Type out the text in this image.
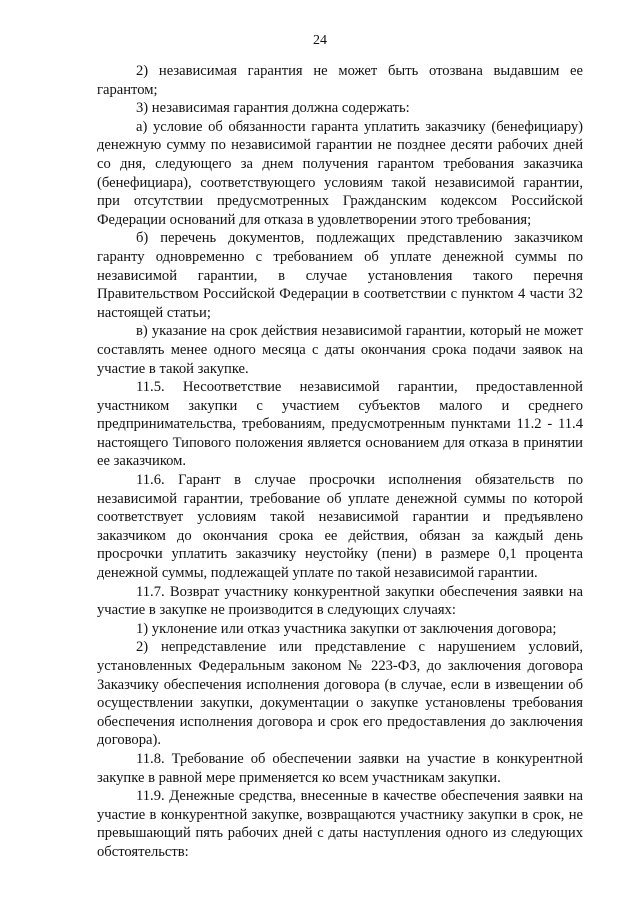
24

2) независимая гарантия не может быть отозвана выдавшим ее гарантом;

3) независимая гарантия должна содержать:

а) условие об обязанности гаранта уплатить заказчику (бенефициару) денежную сумму по независимой гарантии не позднее десяти рабочих дней со дня, следующего за днем получения гарантом требования заказчика (бенефициара), соответствующего условиям такой независимой гарантии, при отсутствии предусмотренных Гражданским кодексом Российской Федерации оснований для отказа в удовлетворении этого требования;

б) перечень документов, подлежащих представлению заказчиком гаранту одновременно с требованием об уплате денежной суммы по независимой гарантии, в случае установления такого перечня Правительством Российской Федерации в соответствии с пунктом 4 части 32 настоящей статьи;

в) указание на срок действия независимой гарантии, который не может составлять менее одного месяца с даты окончания срока подачи заявок на участие в такой закупке.

11.5. Несоответствие независимой гарантии, предоставленной участником закупки с участием субъектов малого и среднего предпринимательства, требованиям, предусмотренным пунктами 11.2 - 11.4 настоящего Типового положения является основанием для отказа в принятии ее заказчиком.

11.6. Гарант в случае просрочки исполнения обязательств по независимой гарантии, требование об уплате денежной суммы по которой соответствует условиям такой независимой гарантии и предъявлено заказчиком до окончания срока ее действия, обязан за каждый день просрочки уплатить заказчику неустойку (пени) в размере 0,1 процента денежной суммы, подлежащей уплате по такой независимой гарантии.

11.7. Возврат участнику конкурентной закупки обеспечения заявки на участие в закупке не производится в следующих случаях:

1) уклонение или отказ участника закупки от заключения договора;

2) непредставление или представление с нарушением условий, установленных Федеральным законом № 223-ФЗ, до заключения договора Заказчику обеспечения исполнения договора (в случае, если в извещении об осуществлении закупки, документации о закупке установлены требования обеспечения исполнения договора и срок его предоставления до заключения договора).

11.8. Требование об обеспечении заявки на участие в конкурентной закупке в равной мере применяется ко всем участникам закупки.

11.9. Денежные средства, внесенные в качестве обеспечения заявки на участие в конкурентной закупке, возвращаются участнику закупки в срок, не превышающий пять рабочих дней с даты наступления одного из следующих обстоятельств:
